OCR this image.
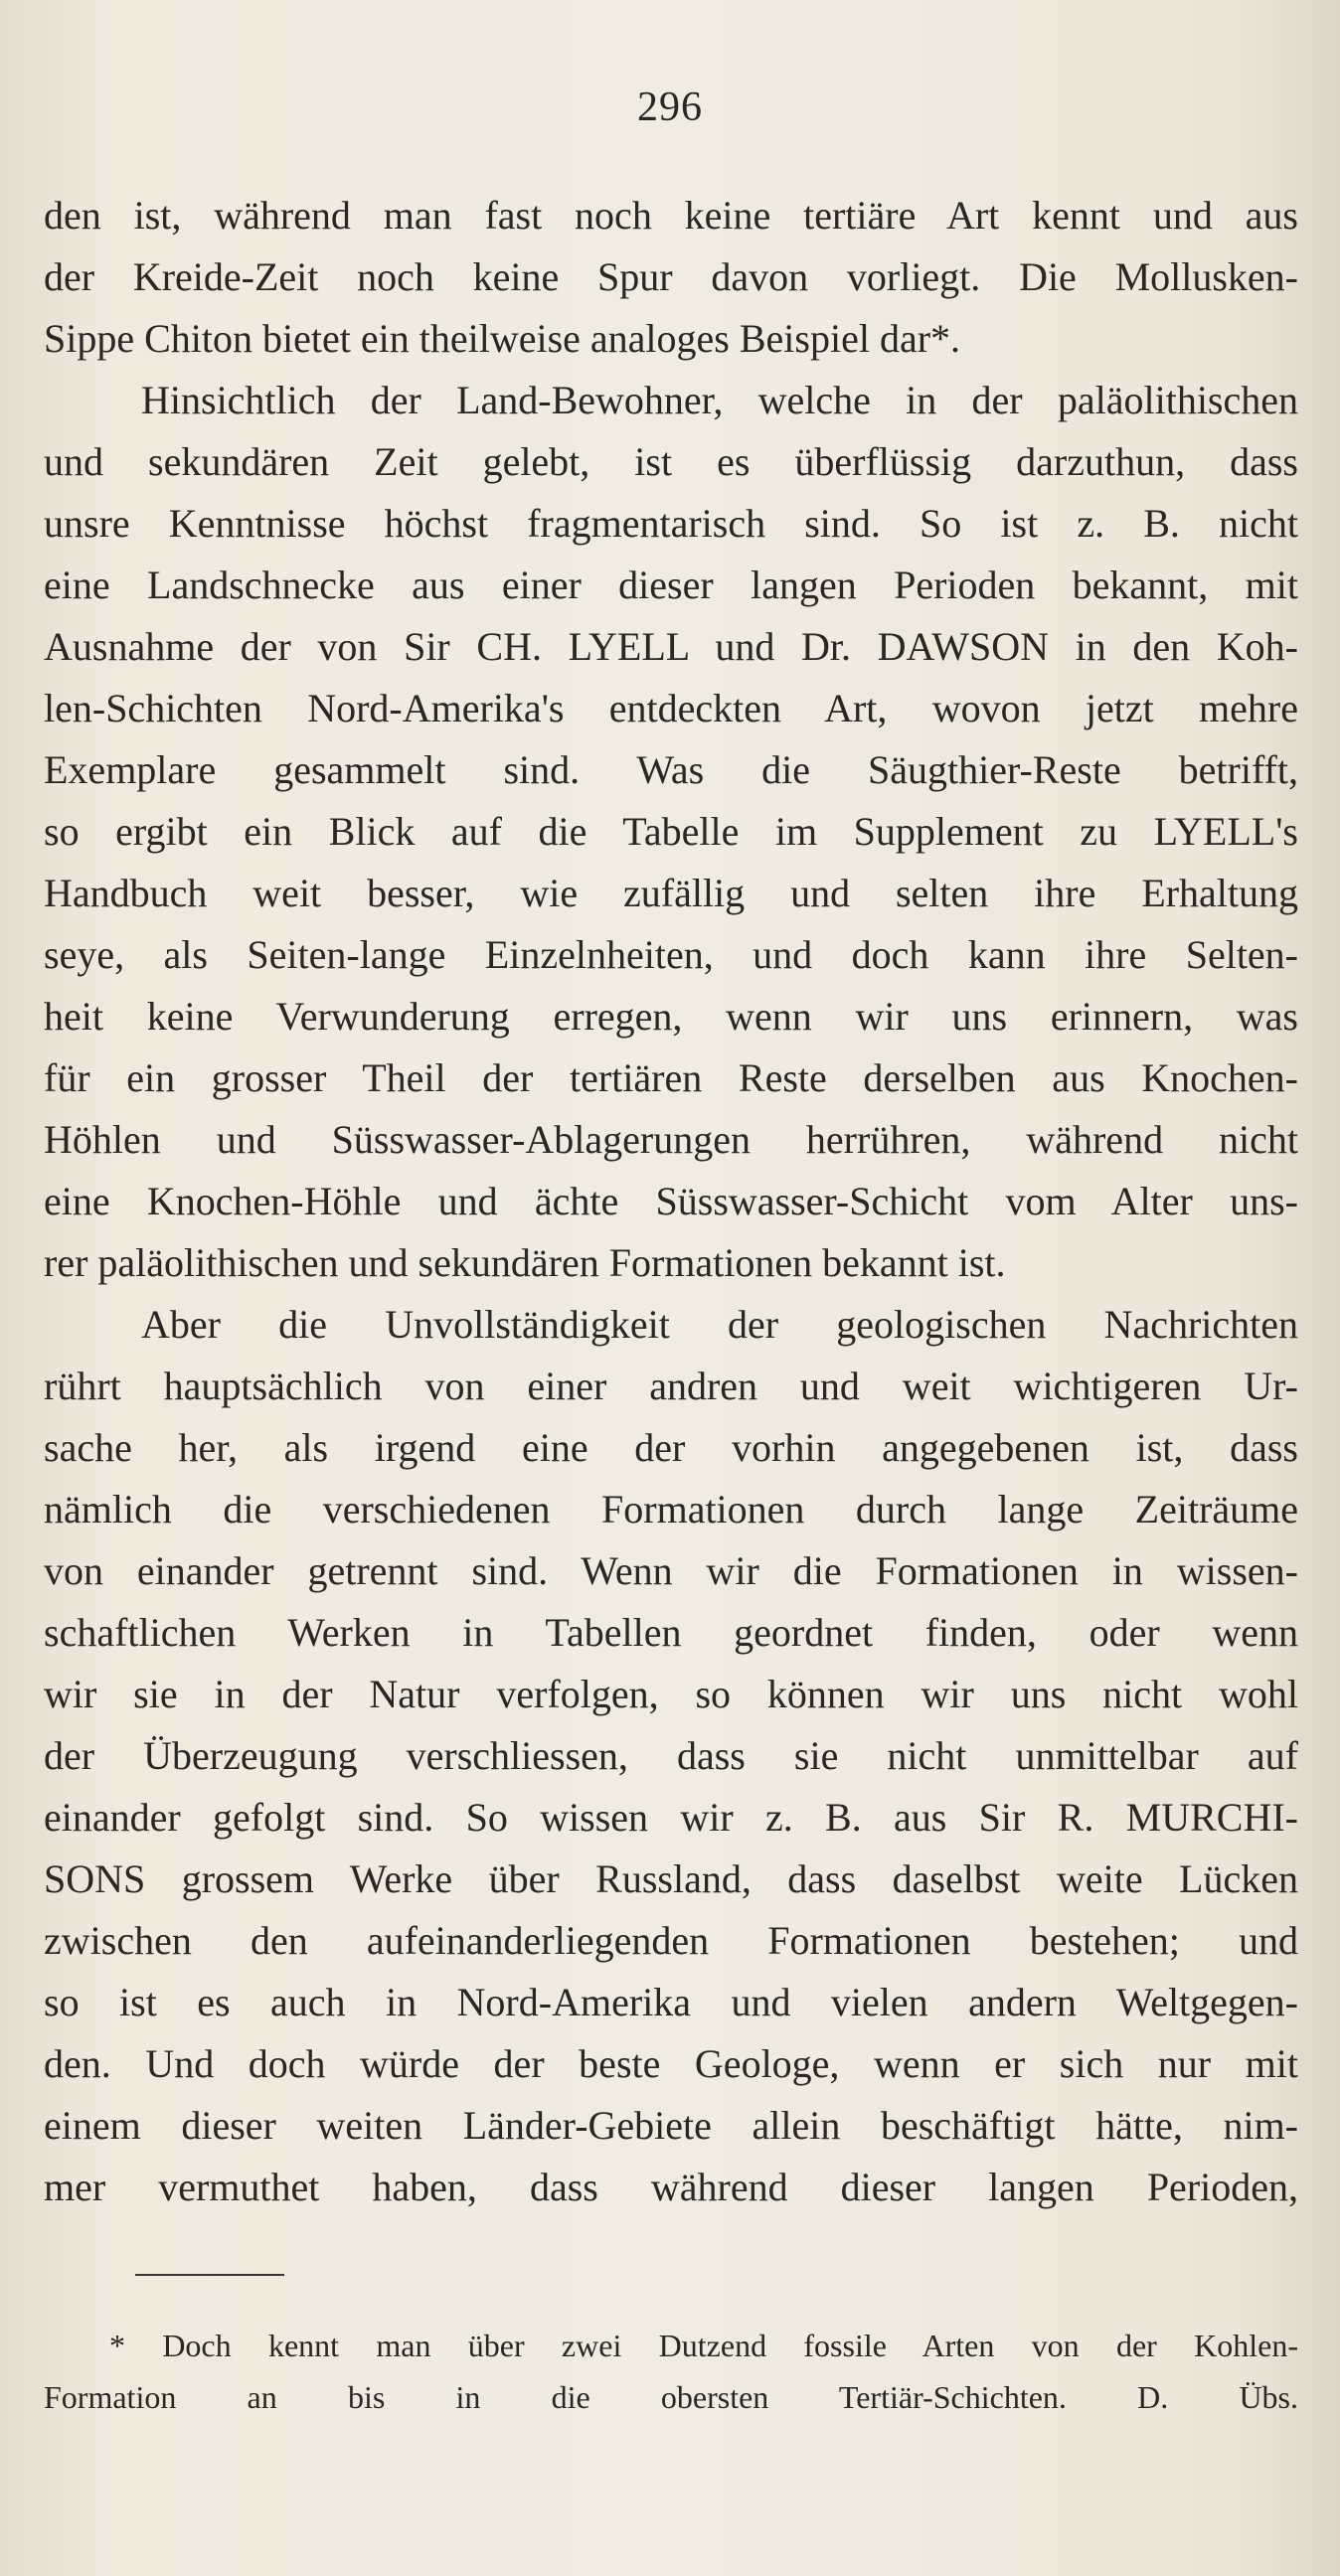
296
den ist, während man fast noch keine tertiäre Art kennt und aus
der Kreide-Zeit noch keine Spur davon vorliegt. Die Mollusken-
Sippe Chiton bietet ein theilweise analoges Beispiel dar*.
Hinsichtlich der Land-Bewohner, welche in der paläolithischen
und sekundären Zeit gelebt, ist es überflüssig darzuthun, dass
unsre Kenntnisse höchst fragmentarisch sind. So ist z. B. nicht
eine Landschnecke aus einer dieser langen Perioden bekannt, mit
Ausnahme der von Sir CH. LYELL und Dr. DAWSON in den Koh-
len-Schichten Nord-Amerika's entdeckten Art, wovon jetzt mehre
Exemplare gesammelt sind. Was die Säugthier-Reste betrifft,
so ergibt ein Blick auf die Tabelle im Supplement zu LYELL's
Handbuch weit besser, wie zufällig und selten ihre Erhaltung
seye, als Seiten-lange Einzelnheiten, und doch kann ihre Selten-
heit keine Verwunderung erregen, wenn wir uns erinnern, was
für ein grosser Theil der tertiären Reste derselben aus Knochen-
Höhlen und Süsswasser-Ablagerungen herrühren, während nicht
eine Knochen-Höhle und ächte Süsswasser-Schicht vom Alter uns-
rer paläolithischen und sekundären Formationen bekannt ist.
Aber die Unvollständigkeit der geologischen Nachrichten
rührt hauptsächlich von einer andren und weit wichtigeren Ur-
sache her, als irgend eine der vorhin angegebenen ist, dass
nämlich die verschiedenen Formationen durch lange Zeiträume
von einander getrennt sind. Wenn wir die Formationen in wissen-
schaftlichen Werken in Tabellen geordnet finden, oder wenn
wir sie in der Natur verfolgen, so können wir uns nicht wohl
der Überzeugung verschliessen, dass sie nicht unmittelbar auf
einander gefolgt sind. So wissen wir z. B. aus Sir R. MURCHI-
SONS grossem Werke über Russland, dass daselbst weite Lücken
zwischen den aufeinanderliegenden Formationen bestehen; und
so ist es auch in Nord-Amerika und vielen andern Weltgegen-
den. Und doch würde der beste Geologe, wenn er sich nur mit
einem dieser weiten Länder-Gebiete allein beschäftigt hätte, nim-
mer vermuthet haben, dass während dieser langen Perioden,
* Doch kennt man über zwei Dutzend fossile Arten von der Kohlen-
Formation an bis in die obersten Tertiär-Schichten. D. Übs.
